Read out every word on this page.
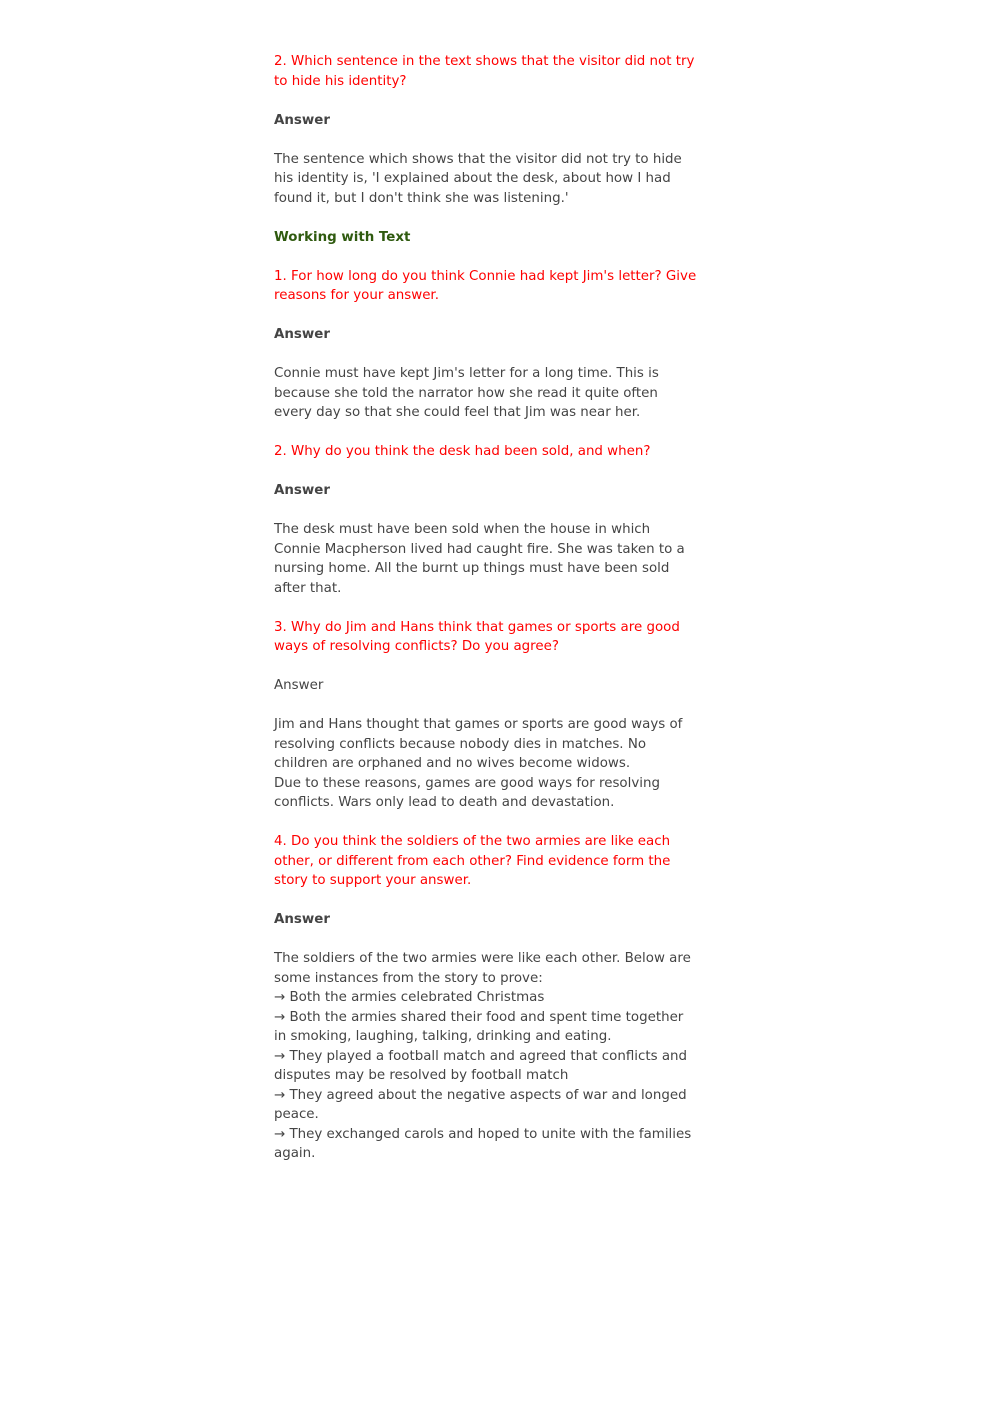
2. Which sentence in the text shows that the visitor did not try to hide his identity?
Answer
The sentence which shows that the visitor did not try to hide his identity is, 'I explained about the desk, about how I had found it, but I don't think she was listening.'
Working with Text
1. For how long do you think Connie had kept Jim's letter? Give reasons for your answer.
Answer
Connie must have kept Jim's letter for a long time. This is because she told the narrator how she read it quite often every day so that she could feel that Jim was near her.
2. Why do you think the desk had been sold, and when?
Answer
The desk must have been sold when the house in which Connie Macpherson lived had caught fire. She was taken to a nursing home. All the burnt up things must have been sold after that.
3. Why do Jim and Hans think that games or sports are good ways of resolving conflicts? Do you agree?
Answer
Jim and Hans thought that games or sports are good ways of resolving conflicts because nobody dies in matches. No children are orphaned and no wives become widows.
Due to these reasons, games are good ways for resolving conflicts. Wars only lead to death and devastation.
4. Do you think the soldiers of the two armies are like each other, or different from each other? Find evidence form the story to support your answer.
Answer
The soldiers of the two armies were like each other. Below are some instances from the story to prove:
→ Both the armies celebrated Christmas
→ Both the armies shared their food and spent time together in smoking, laughing, talking, drinking and eating.
→ They played a football match and agreed that conflicts and disputes may be resolved by football match
→ They agreed about the negative aspects of war and longed peace.
→ They exchanged carols and hoped to unite with the families again.
